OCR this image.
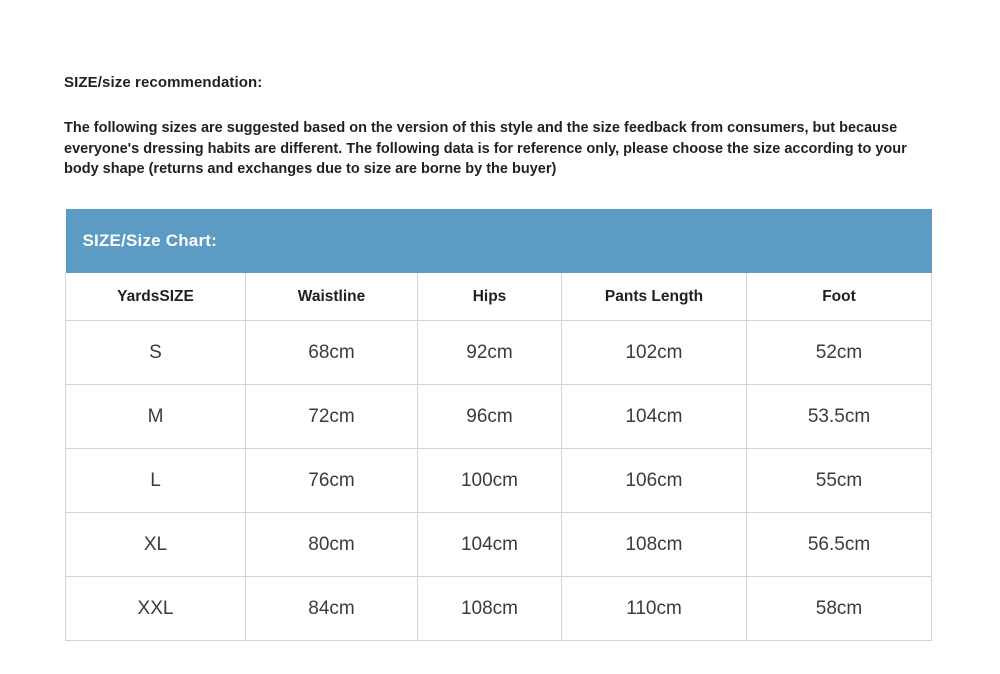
SIZE/size recommendation:
The following sizes are suggested based on the version of this style and the size feedback from consumers, but because everyone's dressing habits are different. The following data is for reference only, please choose the size according to your body shape (returns and exchanges due to size are borne by the buyer)
SIZE/Size Chart:				
YardsSIZE	Waistline	Hips	Pants Length	Foot
S	68cm	92cm	102cm	52cm
M	72cm	96cm	104cm	53.5cm
L	76cm	100cm	106cm	55cm
XL	80cm	104cm	108cm	56.5cm
XXL	84cm	108cm	110cm	58cm
